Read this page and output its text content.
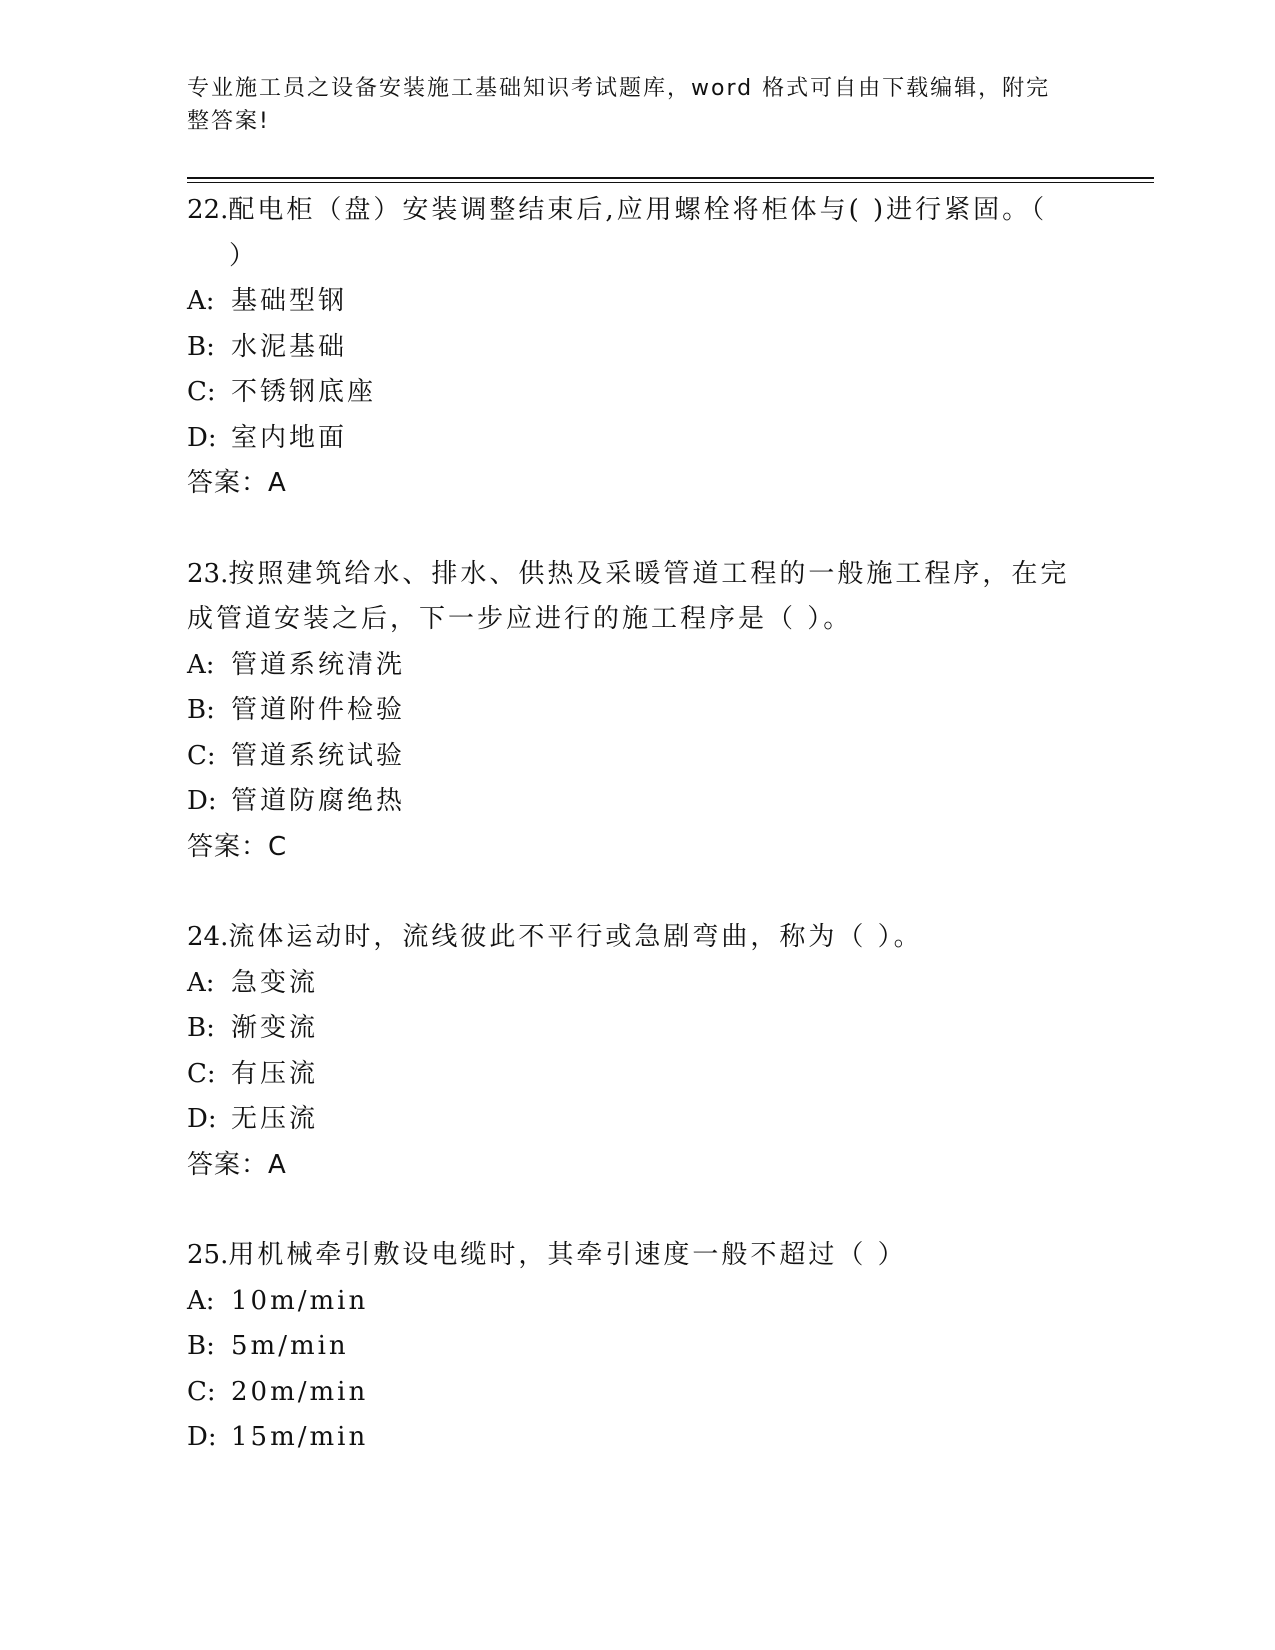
专业施工员之设备安装施工基础知识考试题库，word 格式可自由下载编辑，附完整答案!

22.配电柜（盘）安装调整结束后,应用螺栓将柜体与( )进行紧固。（
）

A: 基础型钢
B: 水泥基础
C: 不锈钢底座
D: 室内地面

答案：A

23.按照建筑给水、排水、供热及采暖管道工程的一般施工程序，在完成管道安装之后，下一步应进行的施工程序是（ ）。

A: 管道系统清洗
B: 管道附件检验
C: 管道系统试验
D: 管道防腐绝热

答案：C

24.流体运动时，流线彼此不平行或急剧弯曲，称为（ ）。

A: 急变流
B: 渐变流
C: 有压流
D: 无压流

答案：A

25.用机械牵引敷设电缆时，其牵引速度一般不超过（ ）

A: 10m/min
B: 5m/min
C: 20m/min
D: 15m/min
